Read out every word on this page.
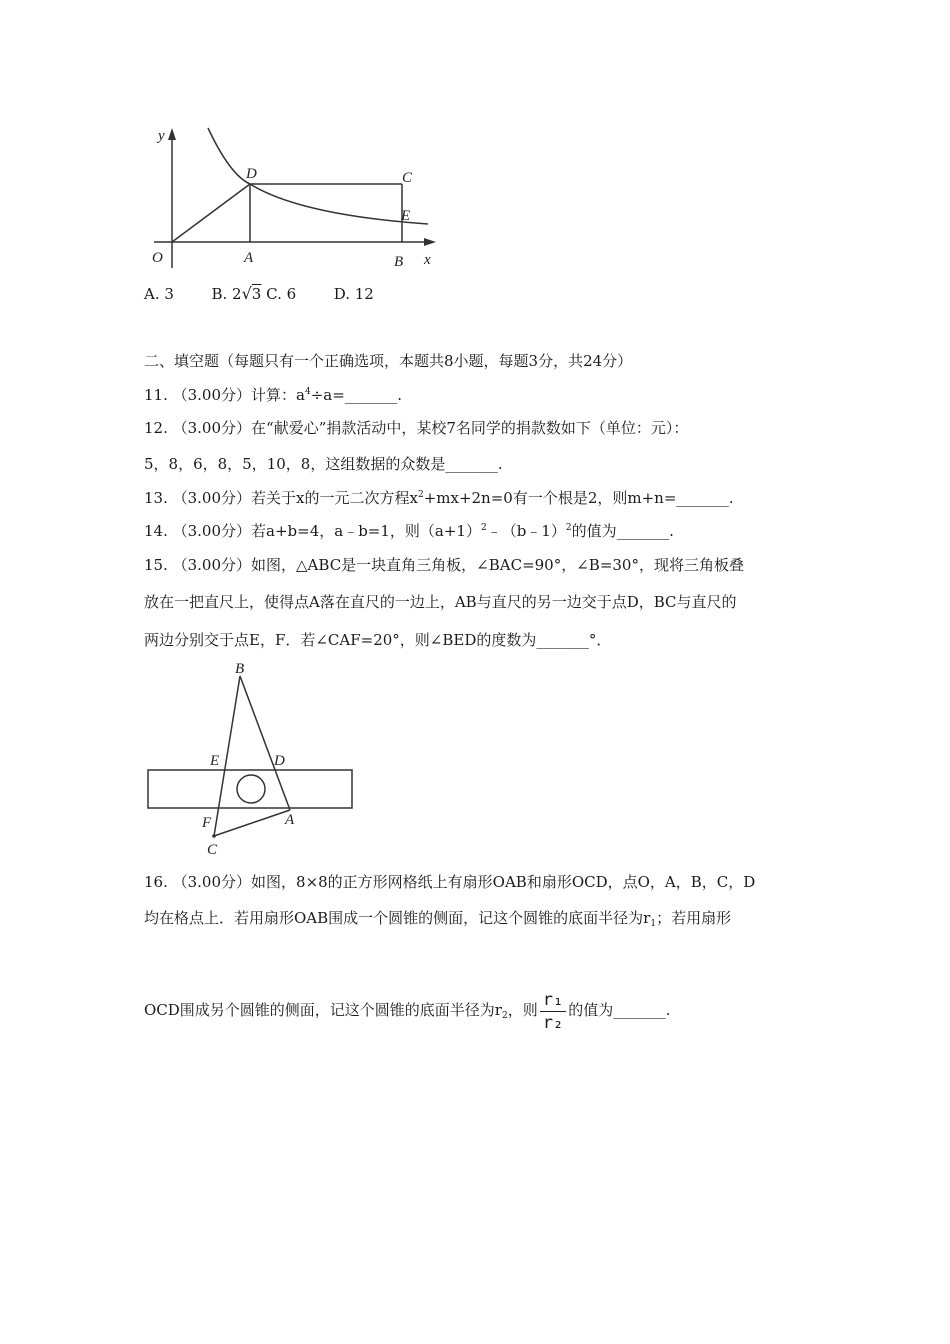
y
x
O
D	C
E
A	B
A. 3	B. 2√3 C. 6	D. 12
二、填空题（每题只有一个正确选项，本题共8小题，每题3分，共24分）
11. （3.00分）计算：$a^4\div a=\_\_\_\_\_\_\_$.
12. （3.00分）在“献爱心”捐款活动中，某校7名同学的捐款数如下（单位：元）：
5，8，6，8，5，10，8，这组数据的众数是_______.
13. （3.00分）若关于x的一元二次方程$x^2+mx+2n=0$有一个根是2，则m+n=_______.
14. （3.00分）若a+b=4，a﹣b=1，则$(a+1)^2﹣(b﹣1)^2$的值为_______.
15. （3.00分）如图，△ABC是一块直角三角板，∠BAC=90°，∠B=30°，现将三角板叠
放在一把直尺上，使得点A落在直尺的一边上，AB与直尺的另一边交于点D，BC与直尺的
两边分别交于点E，F．若∠CAF=20°，则∠BED的度数为_______°．
B
E	D
F	A
C
16. （3.00分）如图，8×8的正方形网格纸上有扇形OAB和扇形OCD，点O，A，B，C，D
均在格点上．若用扇形OAB围成一个圆锥的侧面，记这个圆锥的底面半径为$r_1$；若用扇形
OCD围成另个圆锥的侧面，记这个圆锥的底面半径为$r_2$，则 $\frac{\text{r₁}}{\text{r₂}}$ 的值为_______.
